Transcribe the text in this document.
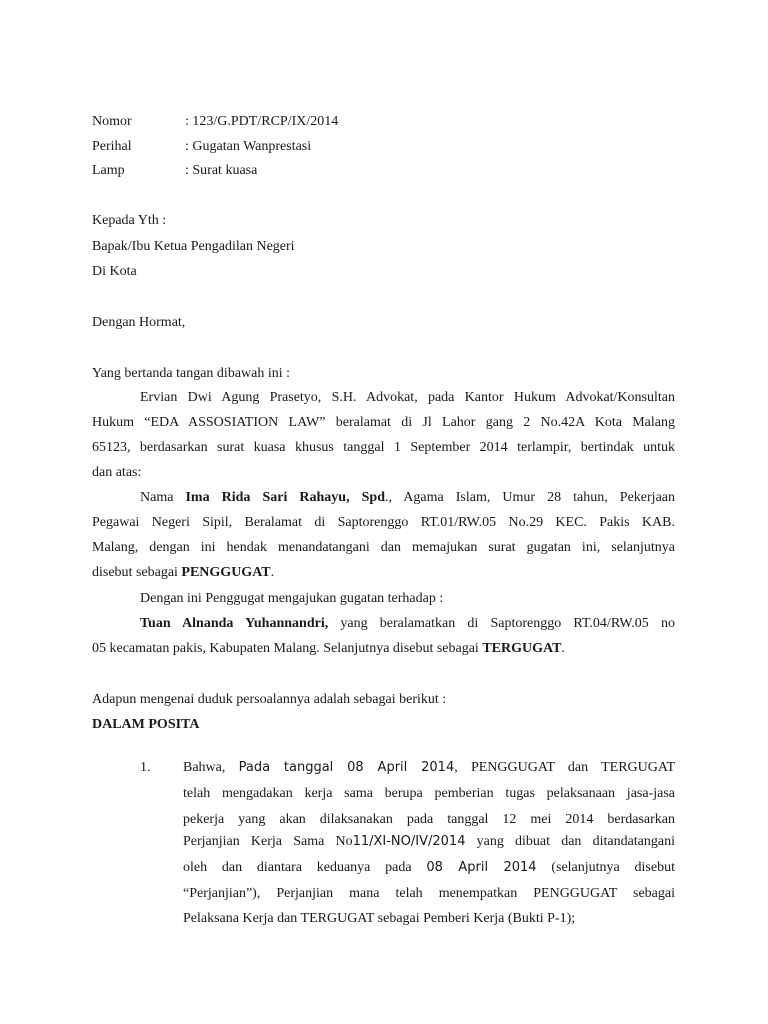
Nomor	: 123/G.PDT/RCP/IX/2014
Perihal	: Gugatan Wanprestasi
Lamp	: Surat kuasa
Kepada Yth :
Bapak/Ibu Ketua Pengadilan Negeri
Di Kota
Dengan Hormat,
Yang bertanda tangan dibawah ini :
Ervian Dwi Agung Prasetyo, S.H. Advokat, pada Kantor Hukum Advokat/Konsultan
Hukum “EDA ASSOSIATION LAW” beralamat di Jl Lahor gang 2 No.42A Kota Malang
65123, berdasarkan surat kuasa khusus tanggal 1 September 2014 terlampir, bertindak untuk
dan atas:
Nama Ima Rida Sari Rahayu, Spd., Agama Islam, Umur 28 tahun, Pekerjaan
Pegawai Negeri Sipil, Beralamat di Saptorenggo RT.01/RW.05 No.29 KEC. Pakis KAB.
Malang, dengan ini hendak menandatangani dan memajukan surat gugatan ini, selanjutnya
disebut sebagai PENGGUGAT.
Dengan ini Penggugat mengajukan gugatan terhadap :
Tuan Alnanda Yuhannandri, yang beralamatkan di Saptorenggo RT.04/RW.05 no
05 kecamatan pakis, Kabupaten Malang. Selanjutnya disebut sebagai TERGUGAT.
Adapun mengenai duduk persoalannya adalah sebagai berikut :
DALAM POSITA
1. Bahwa, Pada tanggal 08 April 2014, PENGGUGAT dan TERGUGAT
telah mengadakan kerja sama berupa pemberian tugas pelaksanaan jasa-jasa
pekerja yang akan dilaksanakan pada tanggal 12 mei 2014 berdasarkan
Perjanjian Kerja Sama No11/XI-NO/IV/2014 yang dibuat dan ditandatangani
oleh dan diantara keduanya pada 08 April 2014 (selanjutnya disebut
“Perjanjian”), Perjanjian mana telah menempatkan PENGGUGAT sebagai
Pelaksana Kerja dan TERGUGAT sebagai Pemberi Kerja (Bukti P-1);
